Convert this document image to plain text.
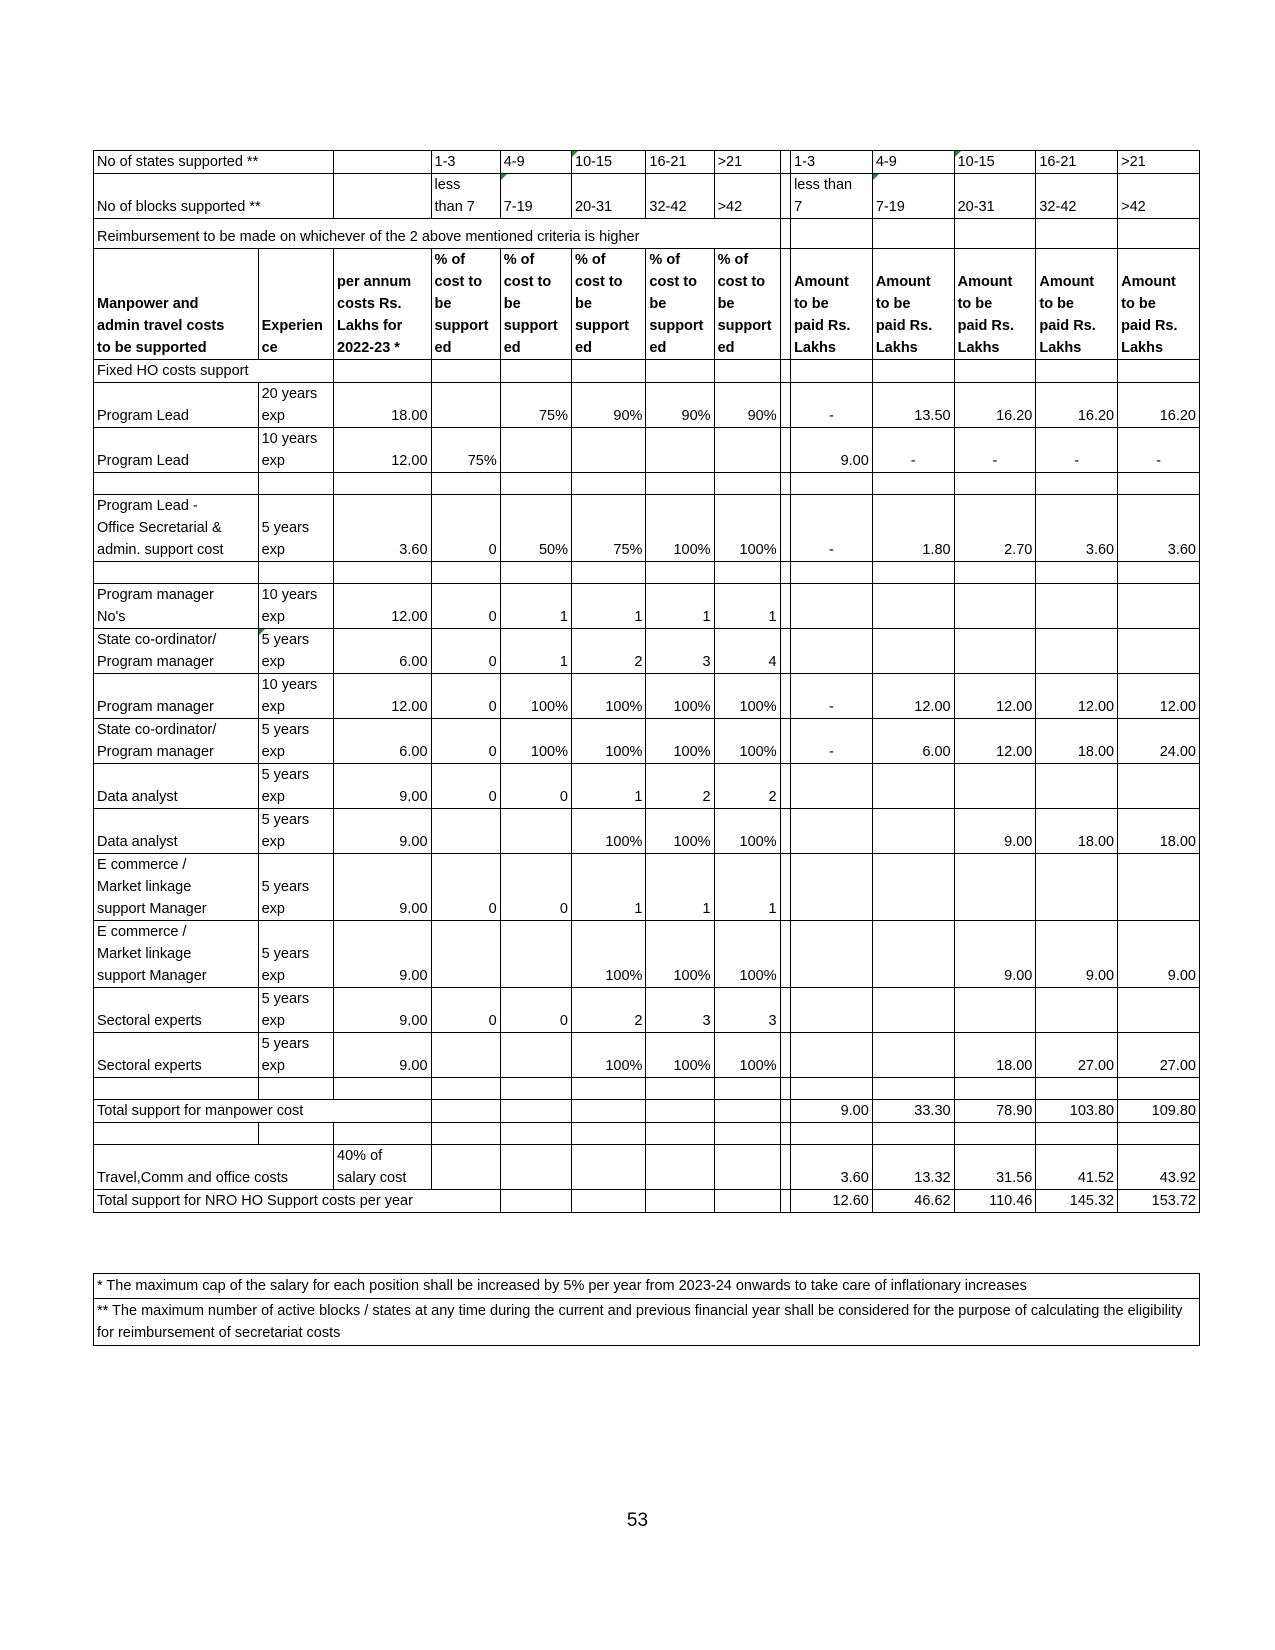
No of states supported **			1-3	4-9	10-15	16-21	>21		1-3	4-9	10-15	16-21	>21
No of blocks supported **			less
than 7	7-19	20-31	32-42	>42		less than
7	7-19	20-31	32-42	>42
Reimbursement to be made on whichever of the 2 above mentioned criteria is higher													
Manpower and
admin travel costs
to be supported	Experien
ce	per annum
costs Rs.
Lakhs for
2022-23 *	% of
cost to
be
support
ed	% of
cost to
be
support
ed	% of
cost to
be
support
ed	% of
cost to
be
support
ed	% of
cost to
be
support
ed		Amount
to be
paid Rs.
Lakhs	Amount
to be
paid Rs.
Lakhs	Amount
to be
paid Rs.
Lakhs	Amount
to be
paid Rs.
Lakhs	Amount
to be
paid Rs.
Lakhs
Fixed HO costs support													
Program Lead	20 years
exp	18.00		75%	90%	90%	90%		-	13.50	16.20	16.20	16.20
Program Lead	10 years
exp	12.00	75%						9.00	-	-	-	-

Program Lead -
Office Secretarial &
admin. support cost	5 years
exp	3.60	0	50%	75%	100%	100%		-	1.80	2.70	3.60	3.60

Program manager
No's	10 years
exp	12.00	0	1	1	1	1						
State co-ordinator/
Program manager	5 years
exp	6.00	0	1	2	3	4						
Program manager	10 years
exp	12.00	0	100%	100%	100%	100%		-	12.00	12.00	12.00	12.00
State co-ordinator/
Program manager	5 years
exp	6.00	0	100%	100%	100%	100%		-	6.00	12.00	18.00	24.00
Data analyst	5 years
exp	9.00	0	0	1	2	2						
Data analyst	5 years
exp	9.00			100%	100%	100%				9.00	18.00	18.00
E commerce /
Market linkage
support Manager	5 years
exp	9.00	0	0	1	1	1						
E commerce /
Market linkage
support Manager	5 years
exp	9.00			100%	100%	100%				9.00	9.00	9.00
Sectoral experts	5 years
exp	9.00	0	0	2	3	3						
Sectoral experts	5 years
exp	9.00			100%	100%	100%				18.00	27.00	27.00

Total support for manpower cost									9.00	33.30	78.90	103.80	109.80

Travel,Comm and office costs		40% of
salary cost							3.60	13.32	31.56	41.52	43.92
Total support for NRO HO Support costs per year									12.60	46.62	110.46	145.32	153.72
* The maximum cap of the salary for each position shall be increased by 5% per year from 2023-24 onwards to take care of inflationary increases
** The maximum number of active blocks / states at any time during the current and previous financial year shall be considered for the purpose of calculating the eligibility for reimbursement of secretariat costs
53
